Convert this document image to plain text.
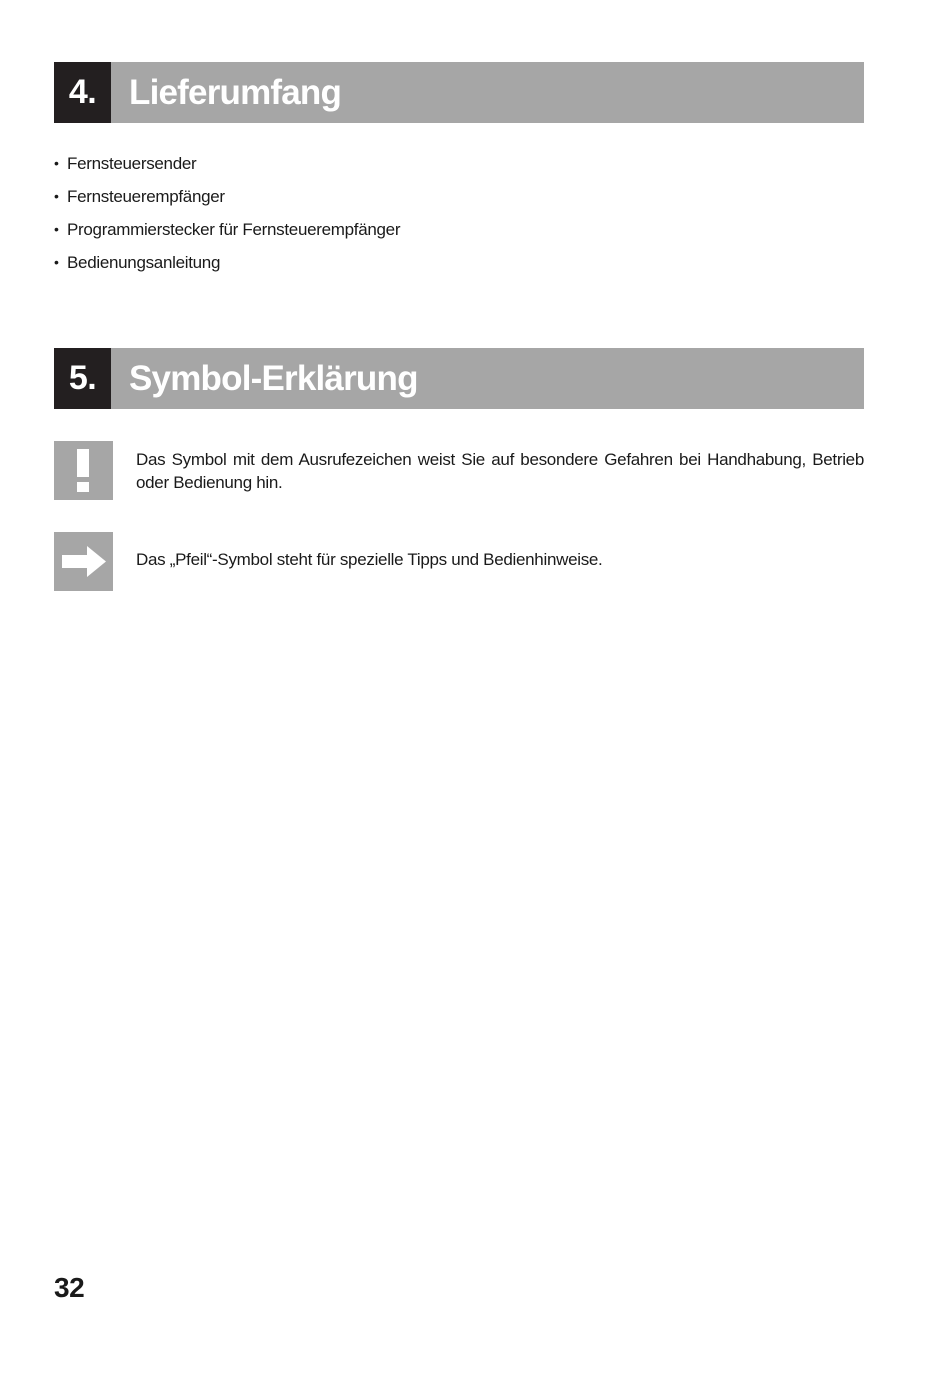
4. Lieferumfang
• Fernsteuersender
• Fernsteuerempfänger
• Programmierstecker für Fernsteuerempfänger
• Bedienungsanleitung
5. Symbol-Erklärung
Das Symbol mit dem Ausrufezeichen weist Sie auf besondere Gefahren bei Handhabung, Betrieb oder Bedienung hin.
Das „Pfeil“-Symbol steht für spezielle Tipps und Bedienhinweise.
32
